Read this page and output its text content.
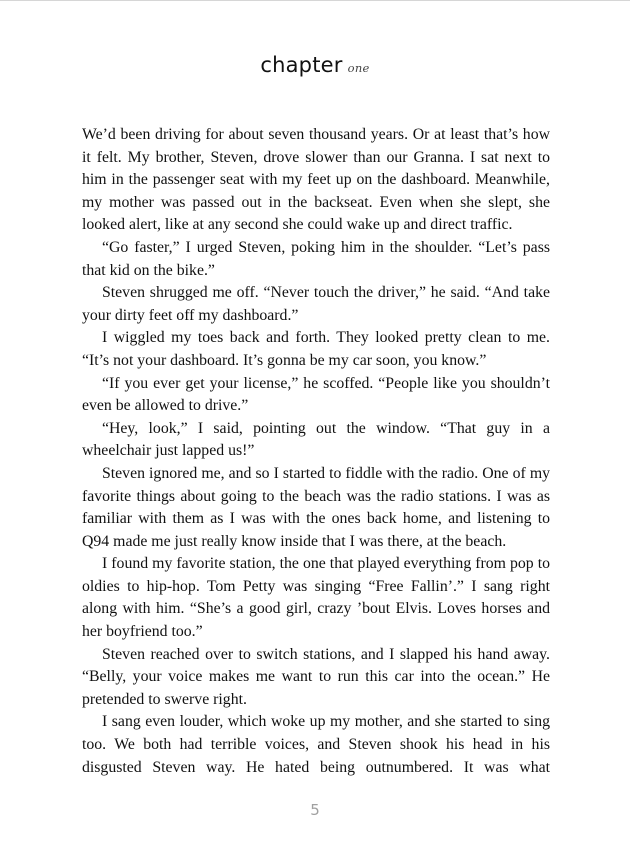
chapter one

We’d been driving for about seven thousand years. Or at least that’s how it felt. My brother, Steven, drove slower than our Granna. I sat next to him in the passenger seat with my feet up on the dashboard. Meanwhile, my mother was passed out in the backseat. Even when she slept, she looked alert, like at any second she could wake up and direct traffic.

“Go faster,” I urged Steven, poking him in the shoulder. “Let’s pass that kid on the bike.”

Steven shrugged me off. “Never touch the driver,” he said. “And take your dirty feet off my dashboard.”

I wiggled my toes back and forth. They looked pretty clean to me. “It’s not your dashboard. It’s gonna be my car soon, you know.”

“If you ever get your license,” he scoffed. “People like you shouldn’t even be allowed to drive.”

“Hey, look,” I said, pointing out the window. “That guy in a wheelchair just lapped us!”

Steven ignored me, and so I started to fiddle with the radio. One of my favorite things about going to the beach was the radio stations. I was as familiar with them as I was with the ones back home, and listening to Q94 made me just really know inside that I was there, at the beach.

I found my favorite station, the one that played everything from pop to oldies to hip-hop. Tom Petty was singing “Free Fallin’.” I sang right along with him. “She’s a good girl, crazy ’bout Elvis. Loves horses and her boyfriend too.”

Steven reached over to switch stations, and I slapped his hand away. “Belly, your voice makes me want to run this car into the ocean.” He pretended to swerve right.

I sang even louder, which woke up my mother, and she started to sing too. We both had terrible voices, and Steven shook his head in his disgusted Steven way. He hated being outnumbered. It was what

5
